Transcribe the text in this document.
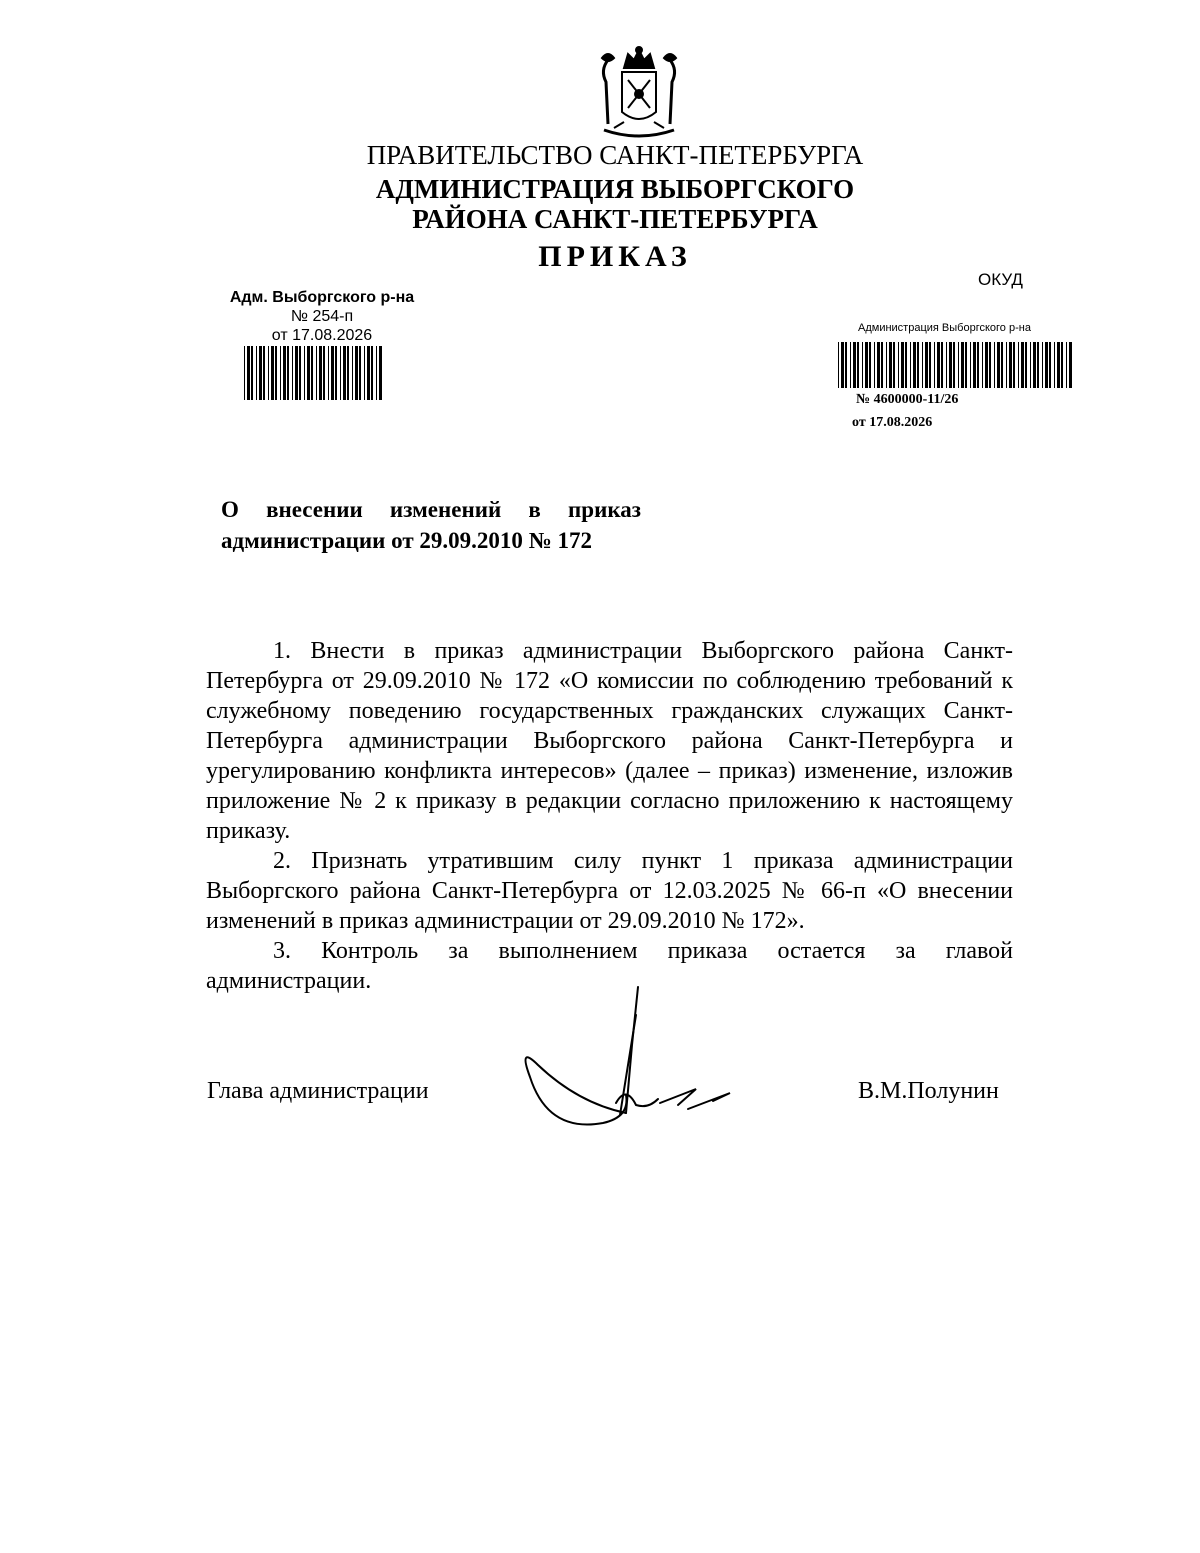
ПРАВИТЕЛЬСТВО САНКТ-ПЕТЕРБУРГА
АДМИНИСТРАЦИЯ ВЫБОРГСКОГО
РАЙОНА САНКТ-ПЕТЕРБУРГА
ПРИКАЗ
ОКУД
Адм. Выборгского р-на
№ 254-п
от 17.08.2026	Администрация Выборгского р-на
№ 4600000-11/26
от 17.08.2026
О внесении изменений в приказ
администрации от 29.09.2010 № 172

1. Внести в приказ администрации Выборгского района Санкт-Петербурга от 29.09.2010 № 172 «О комиссии по соблюдению требований к служебному поведению государственных гражданских служащих Санкт-Петербурга администрации Выборгского района Санкт-Петербурга и урегулированию конфликта интересов» (далее – приказ) изменение, изложив приложение № 2 к приказу в редакции согласно приложению к настоящему приказу.

2. Признать утратившим силу пункт 1 приказа администрации Выборгского района Санкт-Петербурга от 12.03.2025 № 66-п «О внесении изменений в приказ администрации от 29.09.2010 № 172».

3. Контроль за выполнением приказа остается за главой администрации.

Глава администрации	В.М.Полунин
